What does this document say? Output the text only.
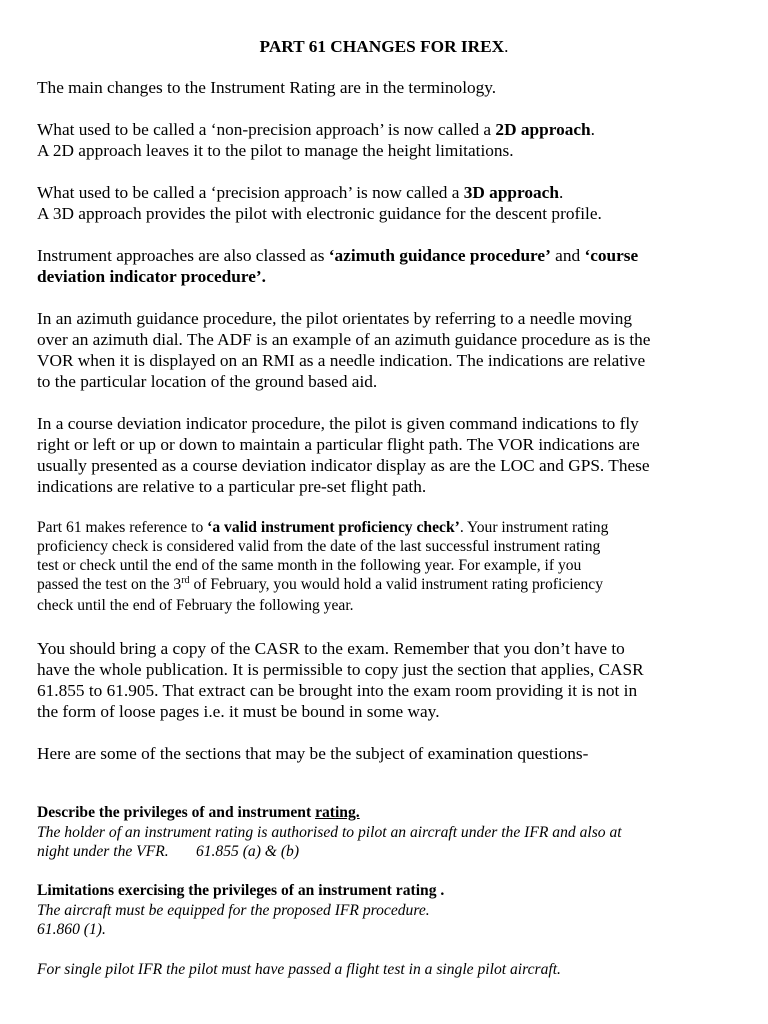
PART 61 CHANGES FOR IREX.

The main changes to the Instrument Rating are in the terminology.

What used to be called a ‘non-precision approach’ is now called a 2D approach.

A 2D approach leaves it to the pilot to manage the height limitations.

What used to be called a ‘precision approach’ is now called a 3D approach.

A 3D approach provides the pilot with electronic guidance for the descent profile.

Instrument approaches are also classed as ‘azimuth guidance procedure’ and ‘course

deviation indicator procedure’.

In an azimuth guidance procedure, the pilot orientates by referring to a needle moving

over an azimuth dial. The ADF is an example of an azimuth guidance procedure as is the

VOR when it is displayed on an RMI as a needle indication. The indications are relative

to the particular location of the ground based aid.

In a course deviation indicator procedure, the pilot is given command indications to fly

right or left or up or down to maintain a particular flight path. The VOR indications are

usually presented as a course deviation indicator display as are the LOC and GPS. These

indications are relative to a particular pre-set flight path.

Part 61 makes reference to ‘a valid instrument proficiency check’. Your instrument rating

proficiency check is considered valid from the date of the last successful instrument rating

test or check until the end of the same month in the following year. For example, if you

passed the test on the 3rd of February, you would hold a valid instrument rating proficiency

check until the end of February the following year.

You should bring a copy of the CASR to the exam. Remember that you don’t have to

have the whole publication. It is permissible to copy just the section that applies, CASR

61.855 to 61.905. That extract can be brought into the exam room providing it is not in

the form of loose pages i.e. it must be bound in some way.

Here are some of the sections that may be the subject of examination questions-

Describe the privileges of and instrument rating.

The holder of an instrument rating is authorised to pilot an aircraft under the IFR and also at

night under the VFR.       61.855 (a) & (b)

Limitations exercising the privileges of an instrument rating .

The aircraft must be equipped for the proposed IFR procedure.

61.860 (1).

For single pilot IFR the pilot must have passed a flight test in a single pilot aircraft.
